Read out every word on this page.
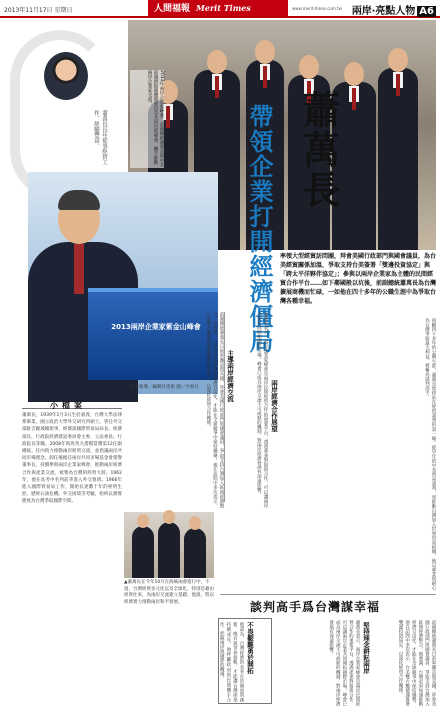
2013年11月17日 星期日	人間福報 Merit Times	www.merit-times.com.tw 兩岸‧亮點人物 A6
蕭萬長長年從事經貿工作，經驗豐富。	2013年兩岸企業家峰會，前副總統蕭萬長與中共前國務院副總理曾培炎共同出席峰會，攜手推動兩岸企業家交流。
蕭萬長
帶領企業打開經濟僵局
2013兩岸企業家紫金山峰會
雙經報導／編輯杜琦惠 圖／中新社
率領大型經貿訪問團，拜會美國行政部門與國會議員，為台美經貿關係加溫，爭取支持台美簽署「雙邊投資協定」與「跨太平洋夥伴協定」；參與以兩岸企業家為主體的民間經貿合作平台……如下鄰國般以坑後，前副總統蕭萬長為台灣擴展商機而忙碌，一如他在四十多年的公職生涯中為爭取台灣各種幸福。
小檔案
蕭萬長，1939年1月3日生於嘉義，台灣大學法律系畢業，國立政治大學外交研究所碩士。曾任外交部駐吉隆坡總領事、經濟部國際貿易局局長、經濟部長、行政院經濟建設委員會主委、立法委員、行政院長等職。2008年與馬英九搭檔當選第12任副總統。任內致力推動兩岸經貿交流，並倡議兩岸共同市場理念。卸任後擔任兩岸共同市場基金會榮譽董事長，持續參與兩岸企業家峰會，推動兩岸經濟合作與產業交流，被譽為台灣的經貿大將。1962年，他在高考中名列前茅進入外交領域；1966年進入國際貿易局工作，開始長達數十年的經貿生涯，歷經石油危機、外交困境等考驗，始終以務實態度為台灣爭取國際空間。
主導兩岸經濟交流
前副總統蕭萬長日前率團訪問美國，拜會美國行政部門與國會議員，爭取支持台灣加入區域經濟整合。他強調，台灣必須加速推動經濟自由化，才能在全球競爭中保持優勢。他在訪問中多次表示，台美雙方應儘速簽署雙邊投資協定，以深化經貿合作關係。	蕭萬長表示，兩岸企業家峰會是兩岸民間經貿合作的重要平台，透過產業對接與合作，可以讓兩岸企業共同開拓國際市場。峰會已成為兩岸交流不可或缺的機制，對兩岸經濟發展有深遠影響。	兩岸經濟合作展望	回顧四十多年的公職生涯，蕭萬長始終站在經貿談判的第一線。從早年的中美貿易談判，到推動台灣加入世界貿易組織，他以專業與耐心為台灣爭取最大利益，被稱為談判高手。
▲蕭萬長在今年10月在海峽兩會進行中，不過，台灣經貿多元化以及全球化，特別是藉由經貿往來，為兩岸交流建立基礎。他說，將以經濟實力推動兩岸和平發展。	談判高手爲台灣謀幸福
不畏艱難勇於開拓
他認為，台灣經濟的未來在於開放與創新，唯有與世界接軌，才能讓台灣產業持續成長。他呼籲政府與民間攜手合作，把握兩岸與國際的機遇。	堅持理念耕耘兩岸
蕭萬長表示，兩岸企業家峰會是兩岸民間經貿合作的重要平台，透過產業對接與合作，可以讓兩岸企業共同開拓國際市場。峰會已成為兩岸交流不可或缺的機制，對兩岸經濟發展有深遠影響。	前副總統蕭萬長日前率團訪問美國，拜會美國行政部門與國會議員，爭取支持台灣加入區域經濟整合。他強調，台灣必須加速推動經濟自由化，才能在全球競爭中保持優勢。他在訪問中多次表示，台美雙方應儘速簽署雙邊投資協定，以深化經貿合作關係。
